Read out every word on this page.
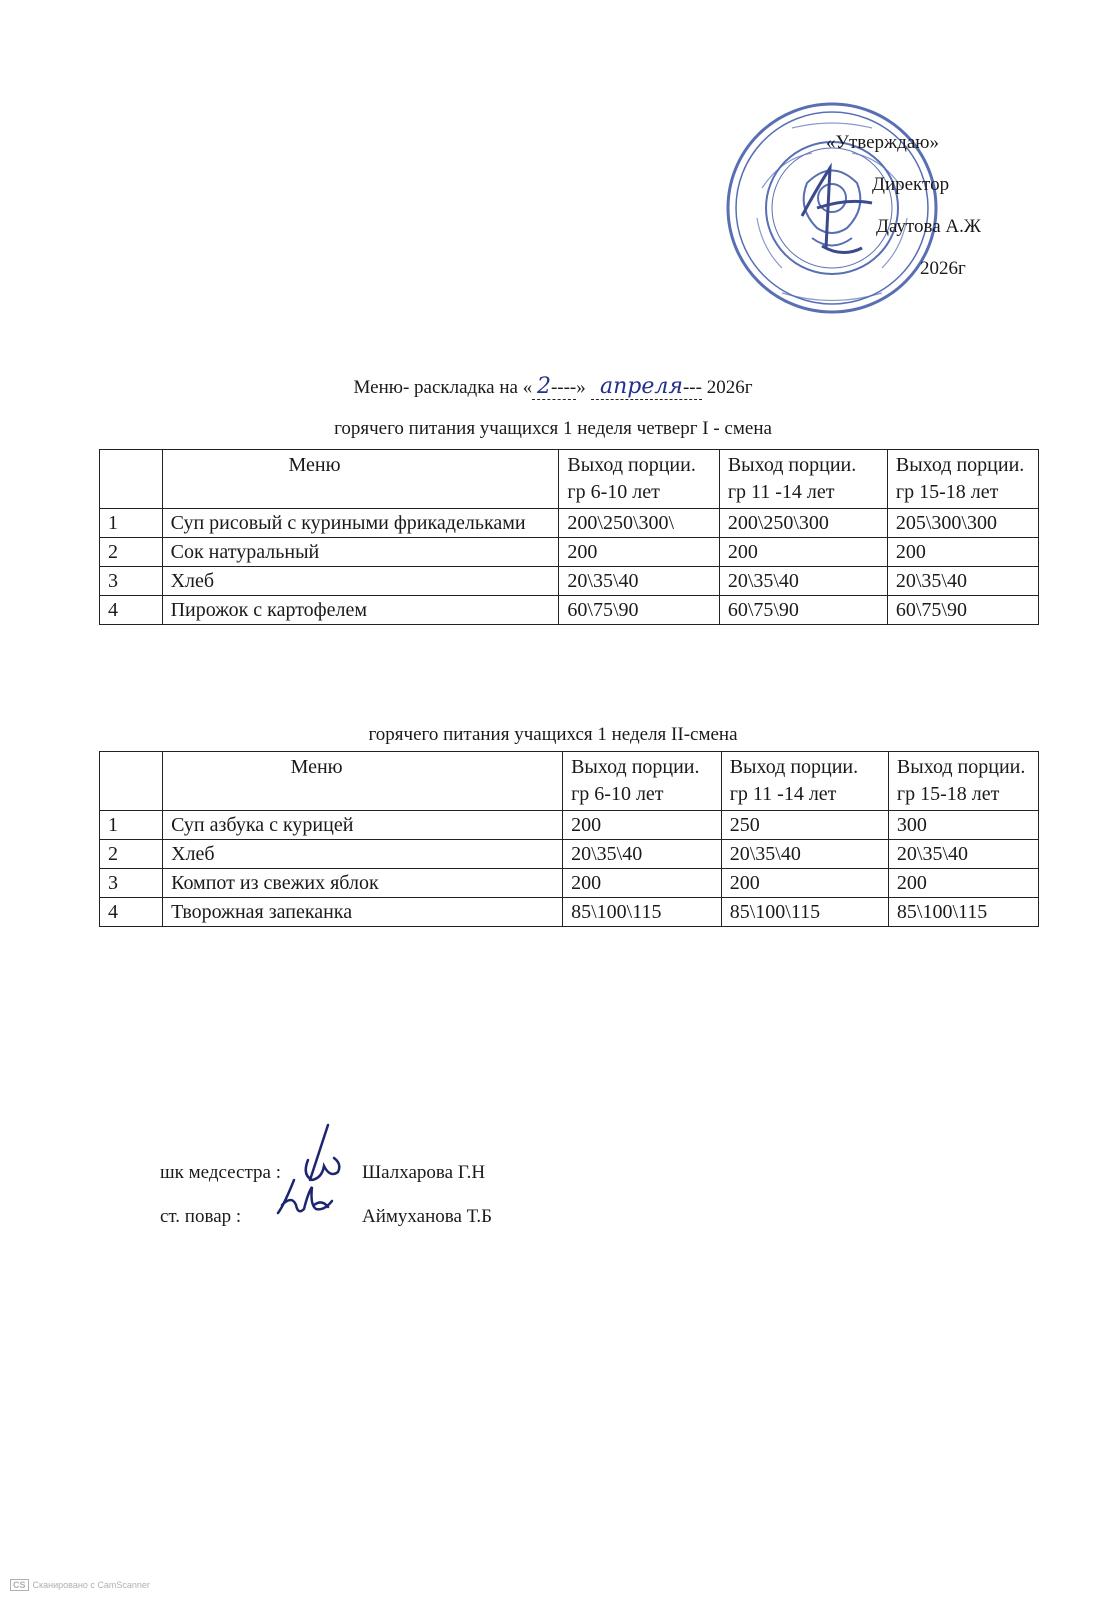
«Утверждаю»
Директор
Даутова А.Ж
2026г
Меню- раскладка на « 2----»   апреля--- 2026г
горячего питания учащихся 1 неделя четверг I - смена
	Меню	Выход порции. гр 6-10 лет	Выход порции. гр 11 -14 лет	Выход порции. гр 15-18 лет
1	Суп рисовый с куриными фрикадельками	200\250\300\	200\250\300	205\300\300
2	Сок натуральный	200	200	200
3	Хлеб	20\35\40	20\35\40	20\35\40
4	Пирожок с картофелем	60\75\90	60\75\90	60\75\90
горячего питания учащихся 1 неделя II-смена
	Меню	Выход порции. гр 6-10 лет	Выход порции. гр 11 -14 лет	Выход порции. гр 15-18 лет
1	Суп азбука с курицей	200	250	300
2	Хлеб	20\35\40	20\35\40	20\35\40
3	Компот из свежих яблок	200	200	200
4	Творожная запеканка	85\100\115	85\100\115	85\100\115
шк медсестра :	Шалхарова Г.Н
ст. повар :	Аймуханова Т.Б
CS Сканировано с CamScanner
